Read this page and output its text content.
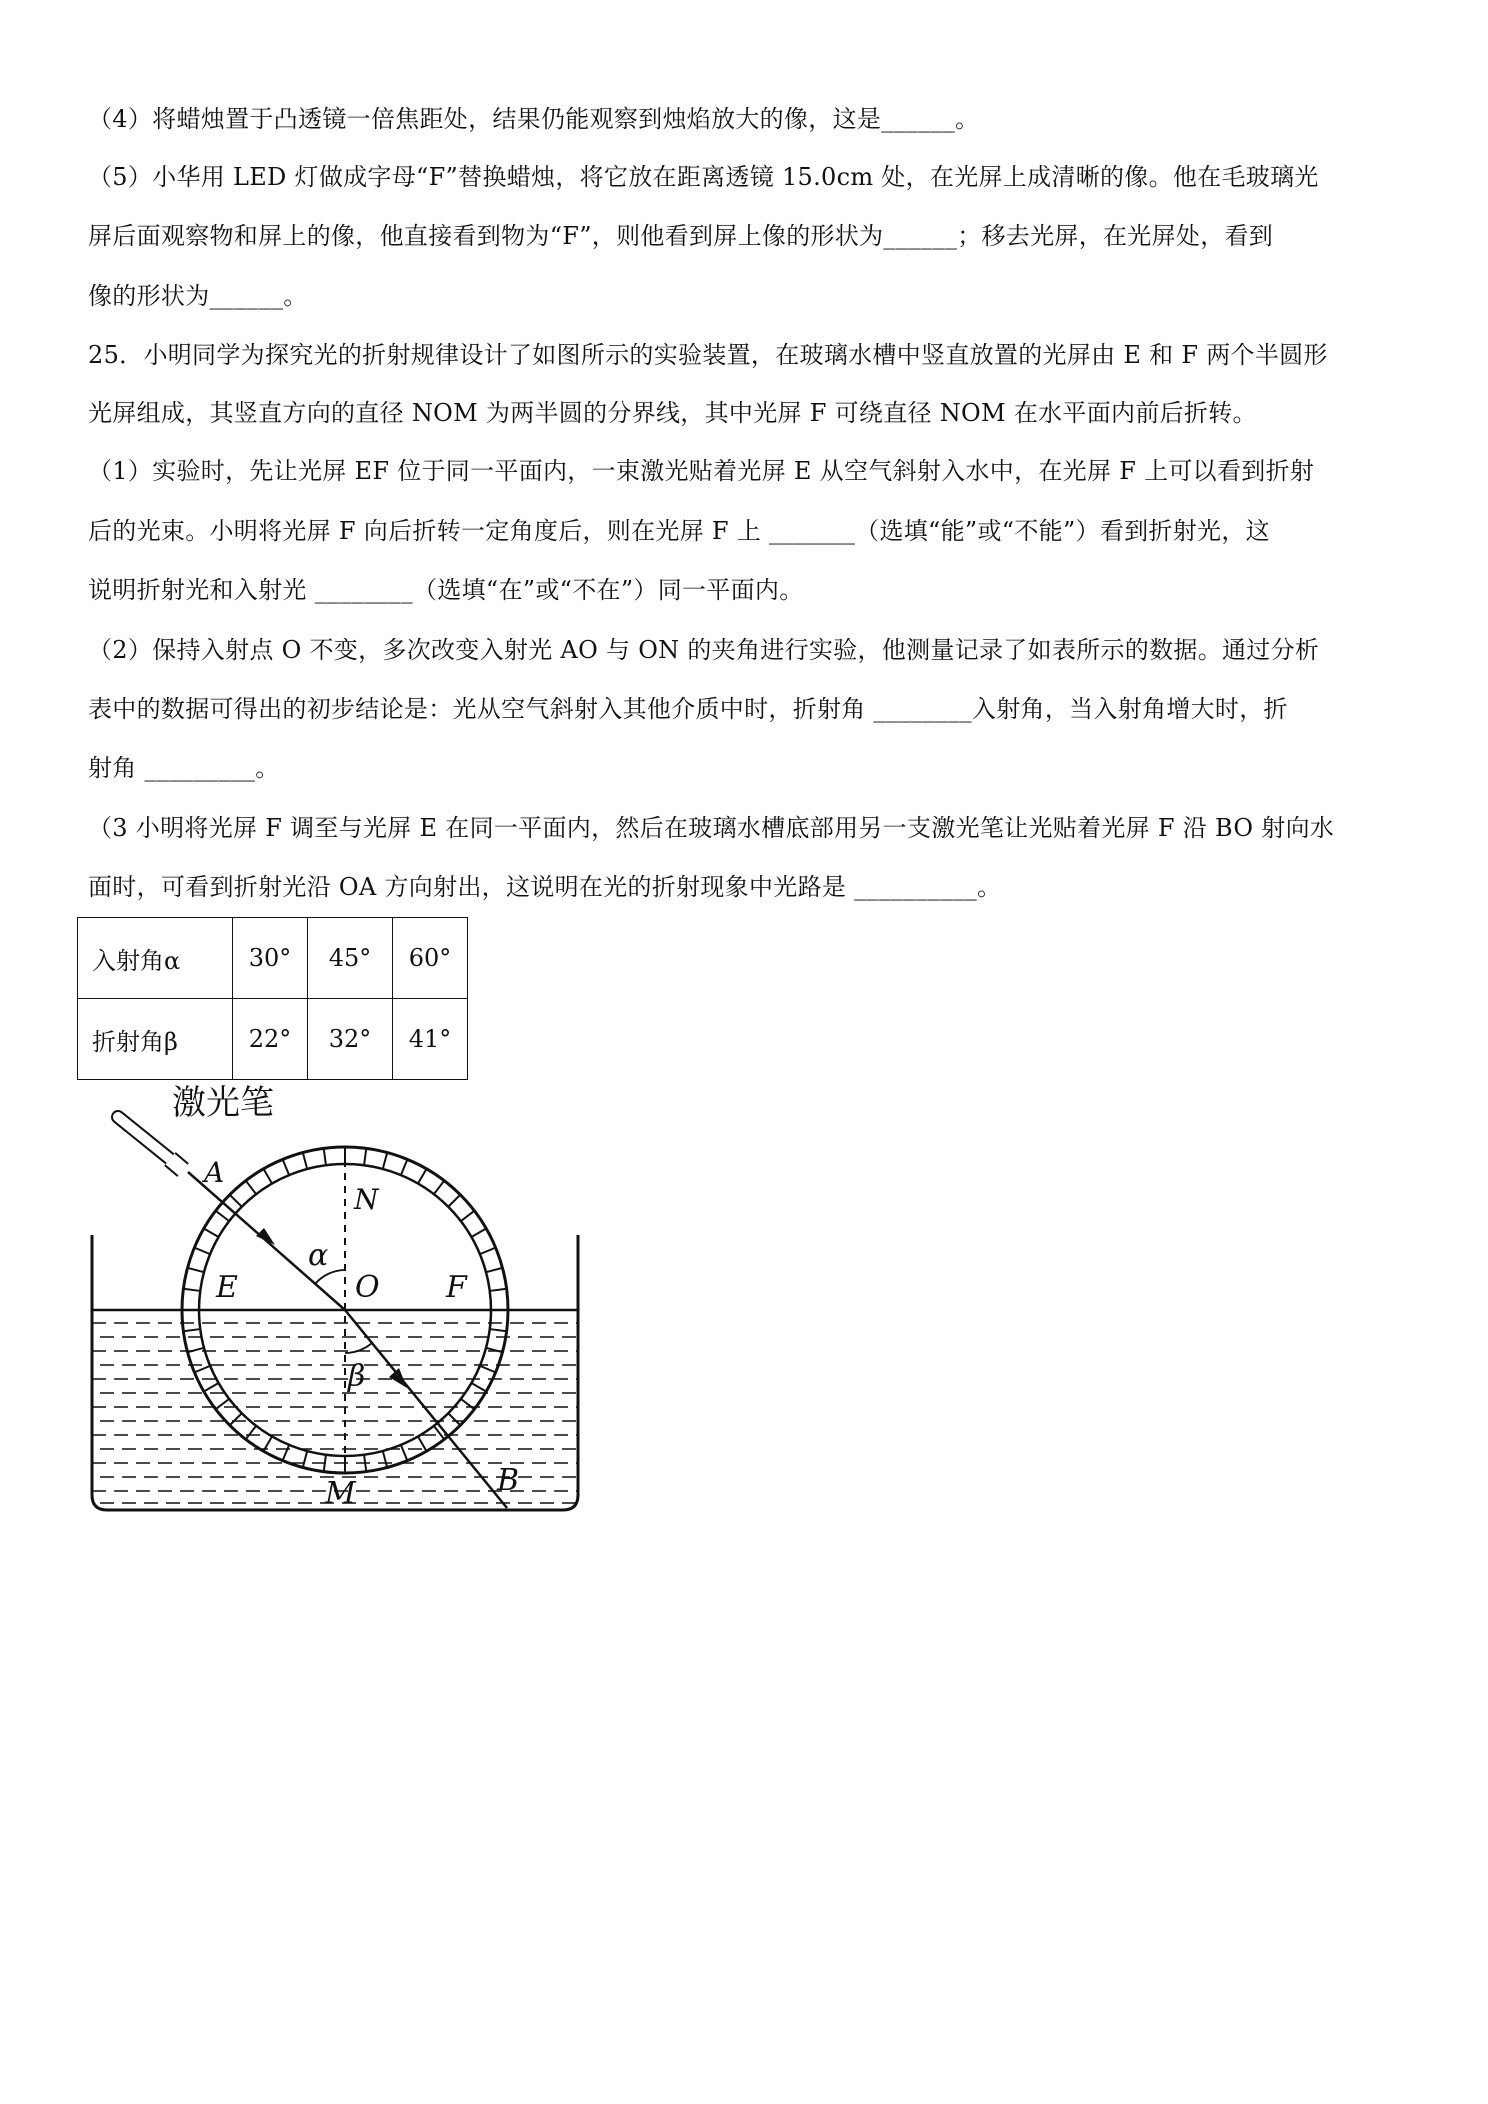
（4）将蜡烛置于凸透镜一倍焦距处，结果仍能观察到烛焰放大的像，这是______。
（5）小华用 LED 灯做成字母“F”替换蜡烛，将它放在距离透镜 15.0cm 处，在光屏上成清晰的像。他在毛玻璃光
屏后面观察物和屏上的像，他直接看到物为“F”，则他看到屏上像的形状为______；移去光屏，在光屏处，看到
像的形状为______。
25．小明同学为探究光的折射规律设计了如图所示的实验装置，在玻璃水槽中竖直放置的光屏由 E 和 F 两个半圆形
光屏组成，其竖直方向的直径 NOM 为两半圆的分界线，其中光屏 F 可绕直径 NOM 在水平面内前后折转。
（1）实验时，先让光屏 EF 位于同一平面内，一束激光贴着光屏 E 从空气斜射入水中，在光屏 F 上可以看到折射
后的光束。小明将光屏 F 向后折转一定角度后，则在光屏 F 上 _______（选填“能”或“不能”）看到折射光，这
说明折射光和入射光 ________（选填“在”或“不在”）同一平面内。
（2）保持入射点 O 不变，多次改变入射光 AO 与 ON 的夹角进行实验，他测量记录了如表所示的数据。通过分析
表中的数据可得出的初步结论是：光从空气斜射入其他介质中时，折射角 ________入射角，当入射角增大时，折
射角 _________。
（3 小明将光屏 F 调至与光屏 E 在同一平面内，然后在玻璃水槽底部用另一支激光笔让光贴着光屏 F 沿 BO 射向水
面时，可看到折射光沿 OA 方向射出，这说明在光的折射现象中光路是 __________。
入射角α	30°	45°	60°
折射角β	22°	32°	41°
激光笔
A
N
α
E	O F
β
M	B
